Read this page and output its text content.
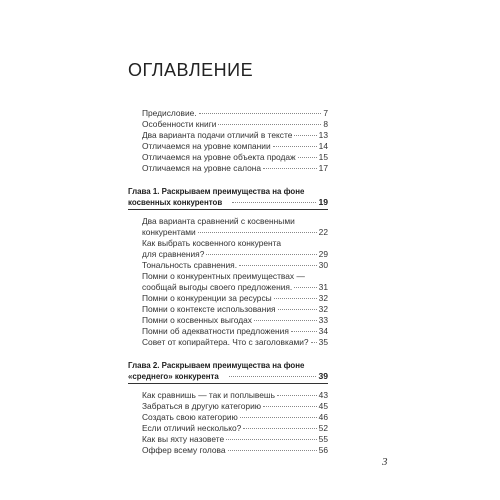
ОГЛАВЛЕНИЕ
Предисловие.	7
Особенности книги	8
Два варианта подачи отличий в тексте	13
Отличаемся на уровне компании	14
Отличаемся на уровне объекта продаж	15
Отличаемся на уровне салона	17
Глава 1. Раскрываем преимущества на фоне
косвенных конкурентов	19
Два варианта сравнений с косвенными
конкурентами	22
Как выбрать косвенного конкурента
для сравнения?	29
Тональность сравнения.	30
Помни о конкурентных преимуществах —
сообщай выгоды своего предложения.	31
Помни о конкуренции за ресурсы	32
Помни о контексте использования	32
Помни о косвенных выгодах	33
Помни об адекватности предложения	34
Совет от копирайтера. Что с заголовками? 35
Глава 2. Раскрываем преимущества на фоне
«среднего» конкурента	39
Как сравнишь — так и поплывешь	43
Забраться в другую категорию	45
Создать свою категорию	46
Если отличий несколько?	52
Как вы яхту назовете	55
Оффер всему голова	56
3
